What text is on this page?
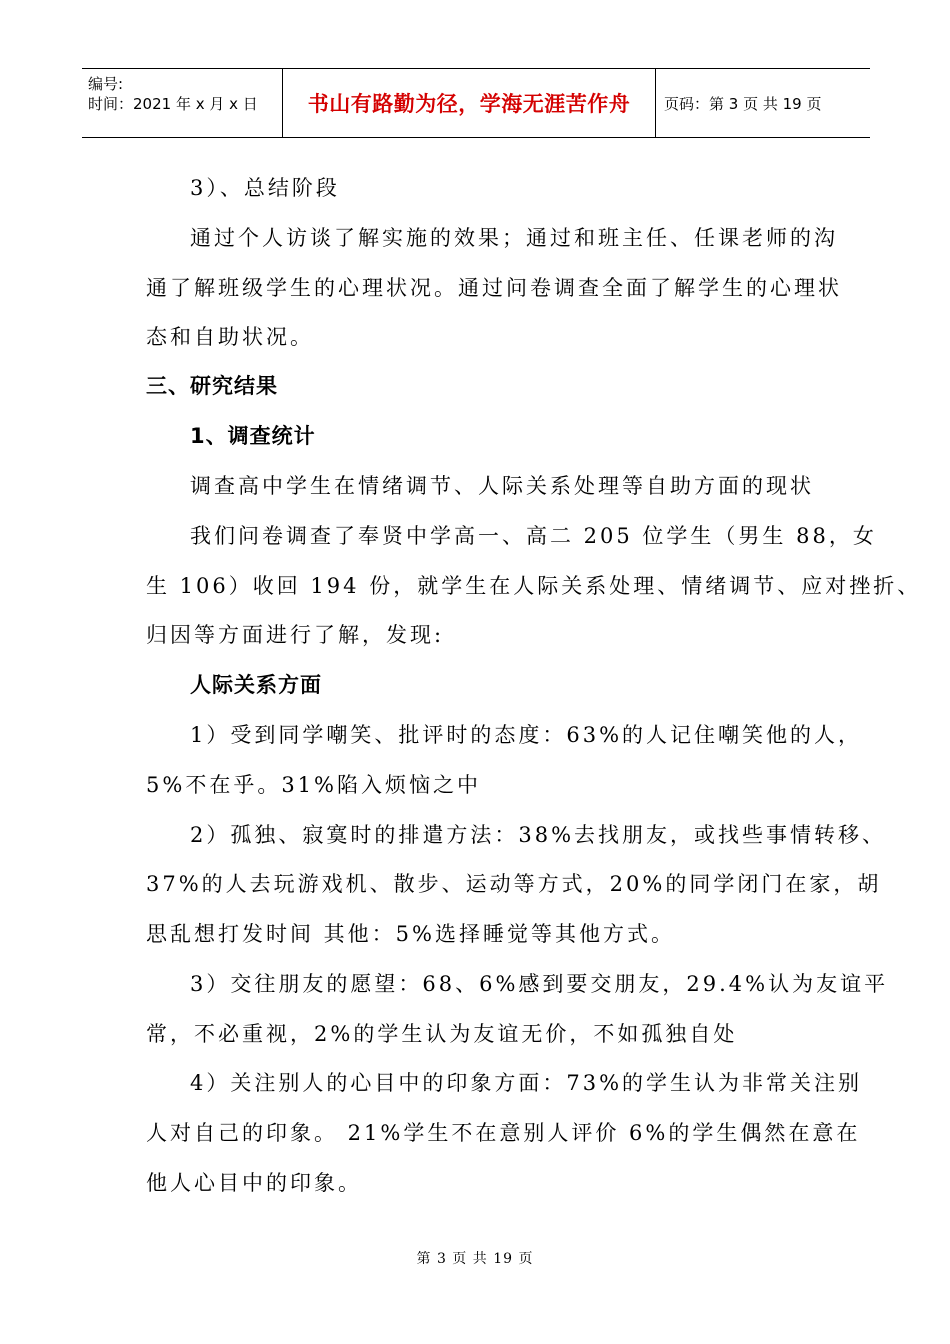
编号:
时间：2021 年 x 月 x 日 书山有路勤为径，学海无涯苦作舟 页码：第 3 页 共 19 页
3）、总结阶段
通过个人访谈了解实施的效果；通过和班主任、任课老师的沟
通了解班级学生的心理状况。通过问卷调查全面了解学生的心理状
态和自助状况。
三、研究结果
1、调查统计
调查高中学生在情绪调节、人际关系处理等自助方面的现状
我们问卷调查了奉贤中学高一、高二 205 位学生（男生 88，女
生 106）收回 194 份，就学生在人际关系处理、情绪调节、应对挫折、
归因等方面进行了解，发现:
人际关系方面
1）受到同学嘲笑、批评时的态度：63%的人记住嘲笑他的人，
5%不在乎。31%陷入烦恼之中
2）孤独、寂寞时的排遣方法：38%去找朋友，或找些事情转移、
37%的人去玩游戏机、散步、运动等方式，20%的同学闭门在家，胡
思乱想打发时间 其他：5%选择睡觉等其他方式。
3）交往朋友的愿望：68、6%感到要交朋友，29.4%认为友谊平
常，不必重视，2%的学生认为友谊无价，不如孤独自处
4）关注别人的心目中的印象方面：73%的学生认为非常关注别
人对自己的印象。 21%学生不在意别人评价 6%的学生偶然在意在
他人心目中的印象。
第 3 页 共 19 页
